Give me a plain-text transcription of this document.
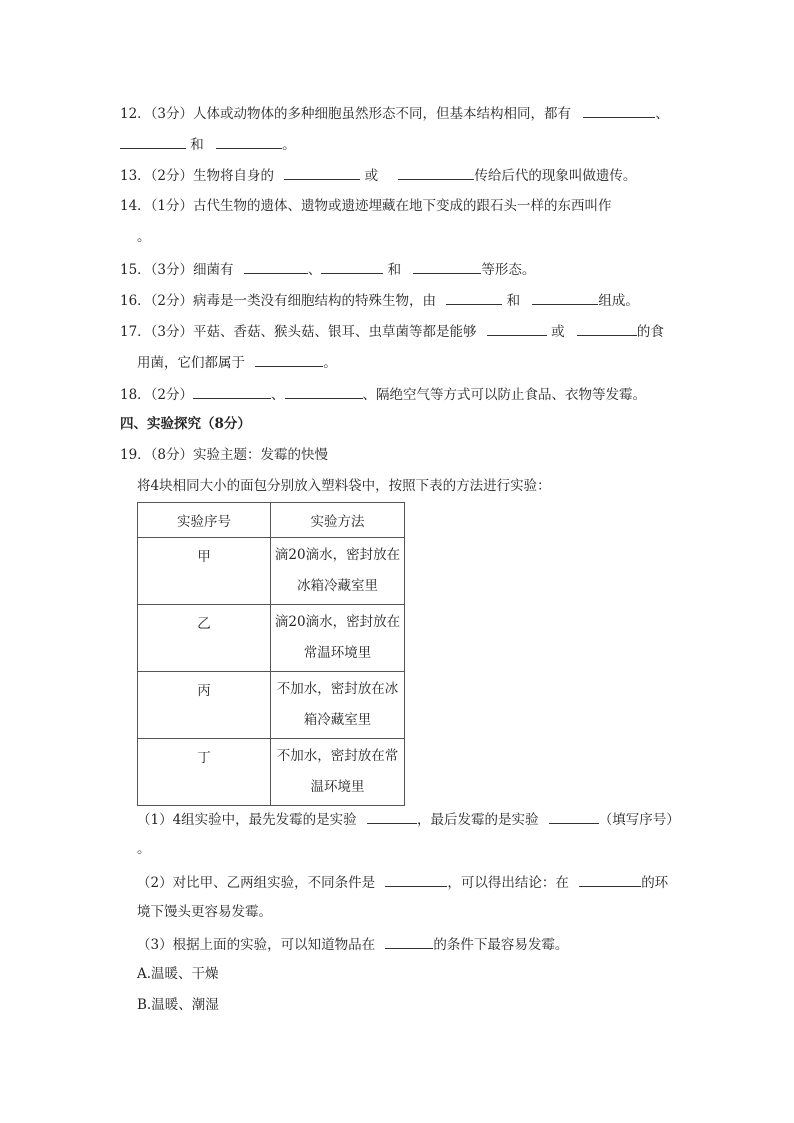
12．（3分）人体或动物体的多种细胞虽然形态不同，但基本结构相同，都有	、
和	。
13．（2分）生物将自身的	或	传给后代的现象叫做遗传。
14．（1分）古代生物的遗体、遗物或遗迹埋藏在地下变成的跟石头一样的东西叫作
。
15．（3分）细菌有	、	和	等形态。
16．（2分）病毒是一类没有细胞结构的特殊生物，由	和	组成。
17．（3分）平菇、香菇、猴头菇、银耳、虫草菌等都是能够	或	的食
用菌，它们都属于	。
18．（2分）	、	、隔绝空气等方式可以防止食品、衣物等发霉。
四、实验探究（8分）
19．（8分）实验主题：发霉的快慢
将4块相同大小的面包分别放入塑料袋中，按照下表的方法进行实验：
实验序号	实验方法
甲	滴20滴水，密封放在
冰箱冷藏室里
乙	滴20滴水，密封放在
常温环境里
丙	不加水，密封放在冰
箱冷藏室里
丁	不加水，密封放在常
温环境里
（1）4组实验中，最先发霉的是实验	，最后发霉的是实验	（填写序号）
。
（2）对比甲、乙两组实验，不同条件是	，可以得出结论：在	的环
境下馒头更容易发霉。
（3）根据上面的实验，可以知道物品在	的条件下最容易发霉。
A.温暖、干燥
B.温暖、潮湿
